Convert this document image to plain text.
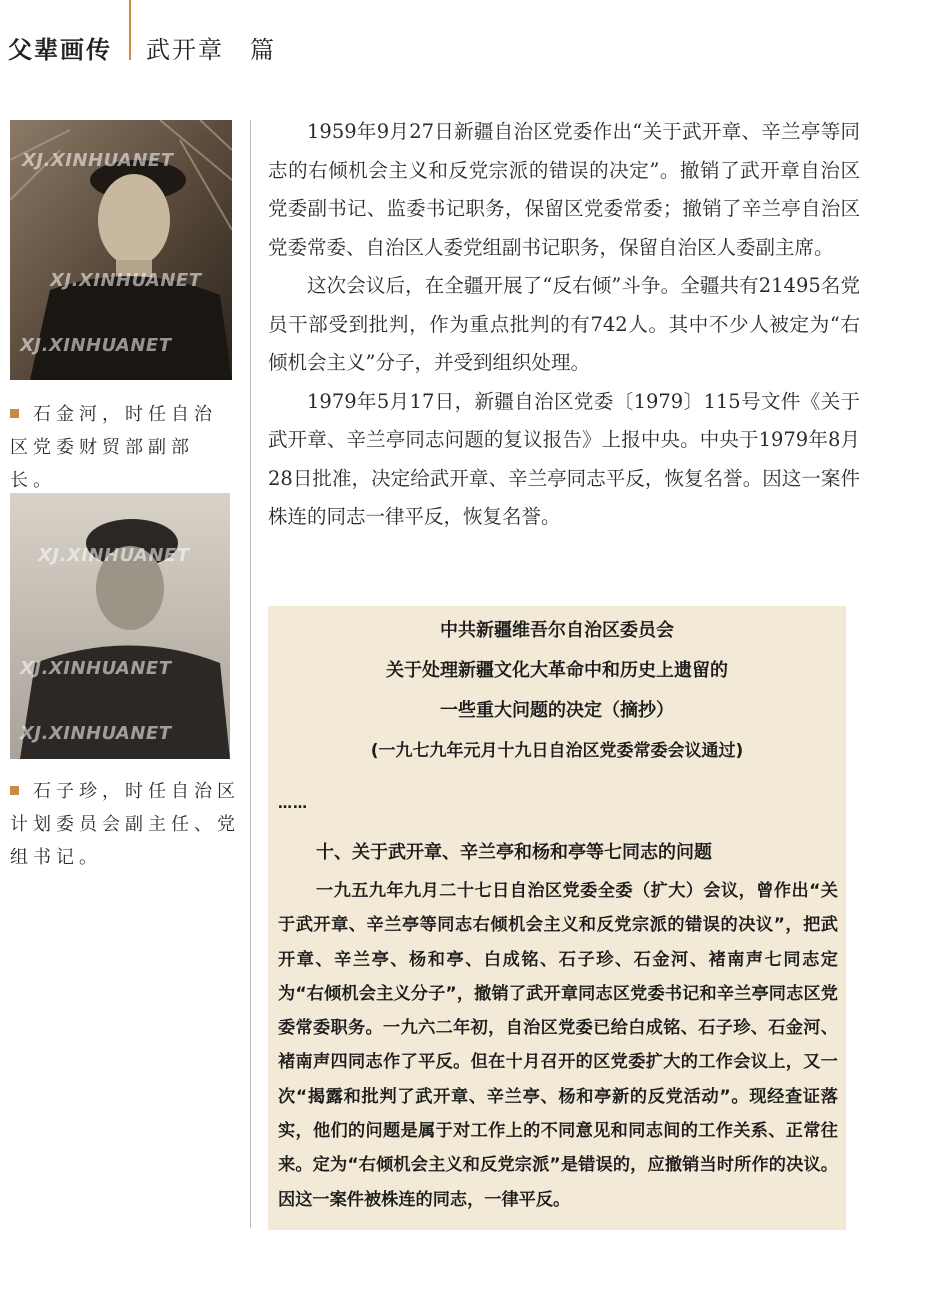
父辈画传 武开章　篇
XJ.XINHUANET
XJ.XINHUANET
XJ.XINHUANET
石金河，时任自治区党委财贸部副部长。
XJ.XINHUANET
XJ.XINHUANET
XJ.XINHUANET
石子珍，时任自治区计划委员会副主任、党组书记。

1959年9月27日新疆自治区党委作出“关于武开章、辛兰亭等同志的右倾机会主义和反党宗派的错误的决定”。撤销了武开章自治区党委副书记、监委书记职务，保留区党委常委；撤销了辛兰亭自治区党委常委、自治区人委党组副书记职务，保留自治区人委副主席。

这次会议后，在全疆开展了“反右倾”斗争。全疆共有21495名党员干部受到批判，作为重点批判的有742人。其中不少人被定为“右倾机会主义”分子，并受到组织处理。

1979年5月17日，新疆自治区党委〔1979〕115号文件《关于武开章、辛兰亭同志问题的复议报告》上报中央。中央于1979年8月28日批准，决定给武开章、辛兰亭同志平反，恢复名誉。因这一案件株连的同志一律平反，恢复名誉。

中共新疆维吾尔自治区委员会
关于处理新疆文化大革命中和历史上遗留的
一些重大问题的决定（摘抄）
(一九七九年元月十九日自治区党委常委会议通过)
……
十、关于武开章、辛兰亭和杨和亭等七同志的问题
一九五九年九月二十七日自治区党委全委（扩大）会议，曾作出“关于武开章、辛兰亭等同志右倾机会主义和反党宗派的错误的决议”，把武开章、辛兰亭、杨和亭、白成铭、石子珍、石金河、褚南声七同志定为“右倾机会主义分子”，撤销了武开章同志区党委书记和辛兰亭同志区党委常委职务。一九六二年初，自治区党委已给白成铭、石子珍、石金河、褚南声四同志作了平反。但在十月召开的区党委扩大的工作会议上，又一次“揭露和批判了武开章、辛兰亭、杨和亭新的反党活动”。现经查证落实，他们的问题是属于对工作上的不同意见和同志间的工作关系、正常往来。定为“右倾机会主义和反党宗派”是错误的，应撤销当时所作的决议。因这一案件被株连的同志，一律平反。
